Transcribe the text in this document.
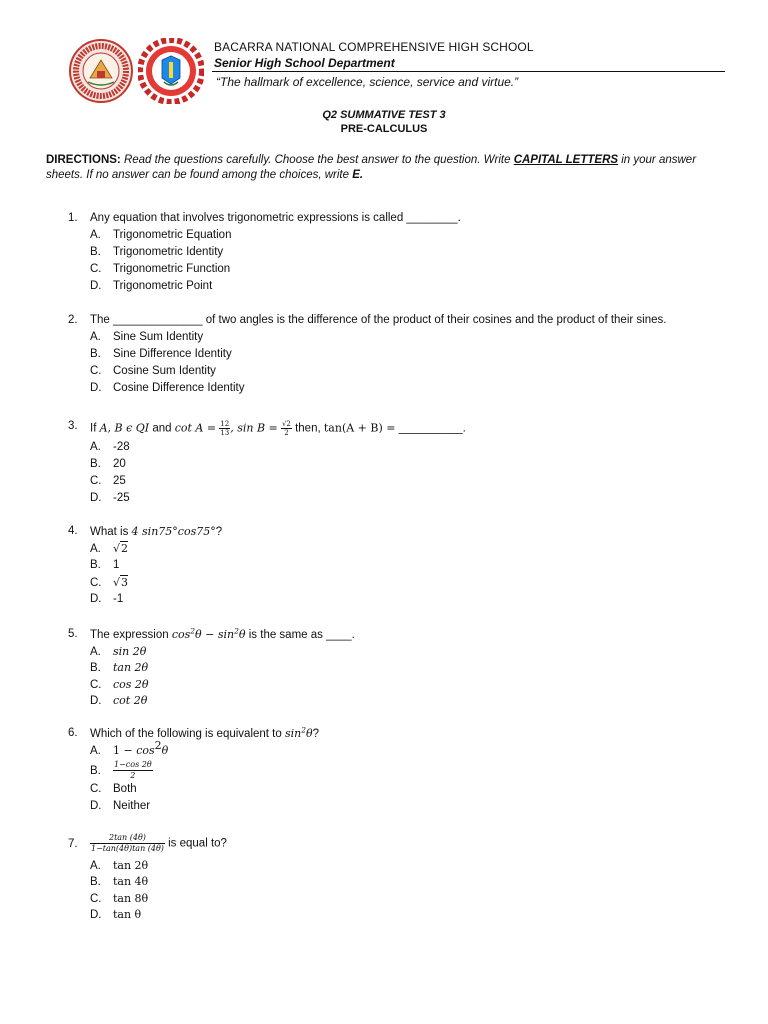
BACARRA NATIONAL COMPREHENSIVE HIGH SCHOOL
Senior High School Department
“The hallmark of excellence, science, service and virtue.”
Q2 SUMMATIVE TEST 3
PRE-CALCULUS
DIRECTIONS: Read the questions carefully. Choose the best answer to the question. Write CAPITAL LETTERS in your answer sheets. If no answer can be found among the choices, write E.
1. Any equation that involves trigonometric expressions is called ________.
A. Trigonometric Equation
B. Trigonometric Identity
C. Trigonometric Function
D. Trigonometric Point
2. The ______________ of two angles is the difference of the product of their cosines and the product of their sines.
A. Sine Sum Identity
B. Sine Difference Identity
C. Cosine Sum Identity
D. Cosine Difference Identity
3. If A, B ϵ QI and $\cot A = \frac{12}{13}$ , $\sin B = \frac{√2}{2}$ then, tan(A + B) = __________.
A. -28
B. 20
C. 25
D. -25
4. What is 4 sin75°cos75°?
A. √2
B. 1
C. √3
D. -1
5. The expression $\cos^2\theta - \sin^2\theta$ is the same as ____.
A. sin 2θ
B. tan 2θ
C. cos 2θ
D. cot 2θ
6. Which of the following is equivalent to $\sin^2\theta$?
A. $1 - \cos^2\theta$
B. $\frac{1-\cos 2\theta}{2}$
C. Both
D. Neither
7. $\frac{2\tan (4\theta)}{1-\tan(4\theta)\tan (4\theta)}$ is equal to?
A. tan 2θ
B. tan 4θ
C. tan 8θ
D. tan θ
